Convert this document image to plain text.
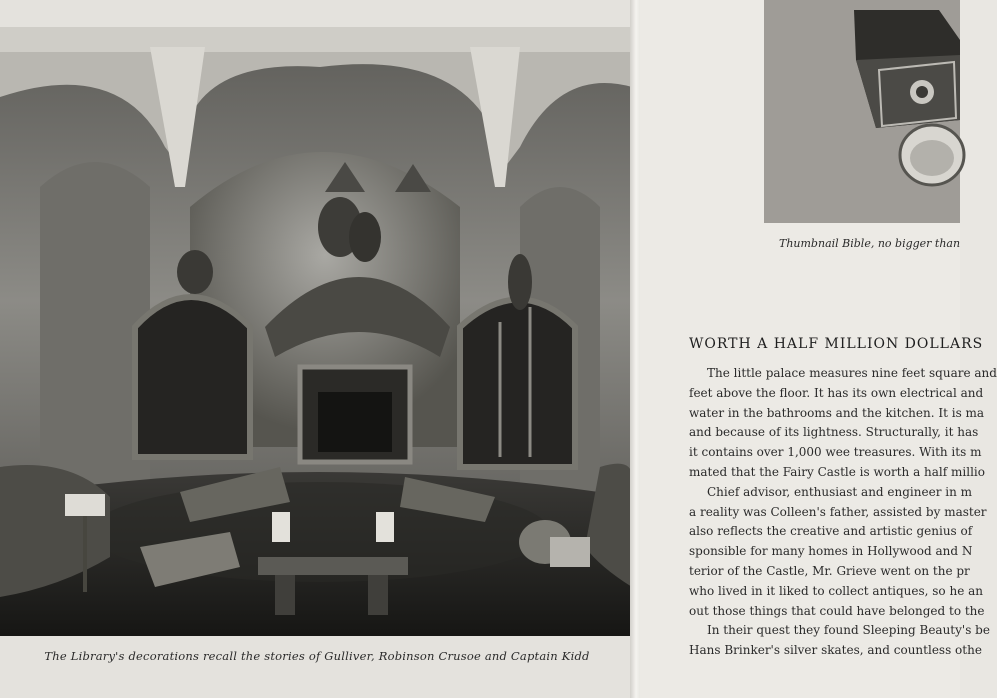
The Library's decorations recall the stories of Gulliver, Robinson Crusoe and Captain Kidd
Thumbnail Bible, no bigger than
WORTH A HALF MILLION DOLLARS
The little palace measures nine feet square and
feet above the floor. It has its own electrical and
water in the bathrooms and the kitchen. It is ma
and because of its lightness. Structurally, it has
it contains over 1,000 wee treasures. With its m
mated that the Fairy Castle is worth a half millio
Chief advisor, enthusiast and engineer in m
a reality was Colleen's father, assisted by master
also reflects the creative and artistic genius of
sponsible for many homes in Hollywood and N
terior of the Castle, Mr. Grieve went on the pr
who lived in it liked to collect antiques, so he an
out those things that could have belonged to the
In their quest they found Sleeping Beauty's be
Hans Brinker's silver skates, and countless othe
